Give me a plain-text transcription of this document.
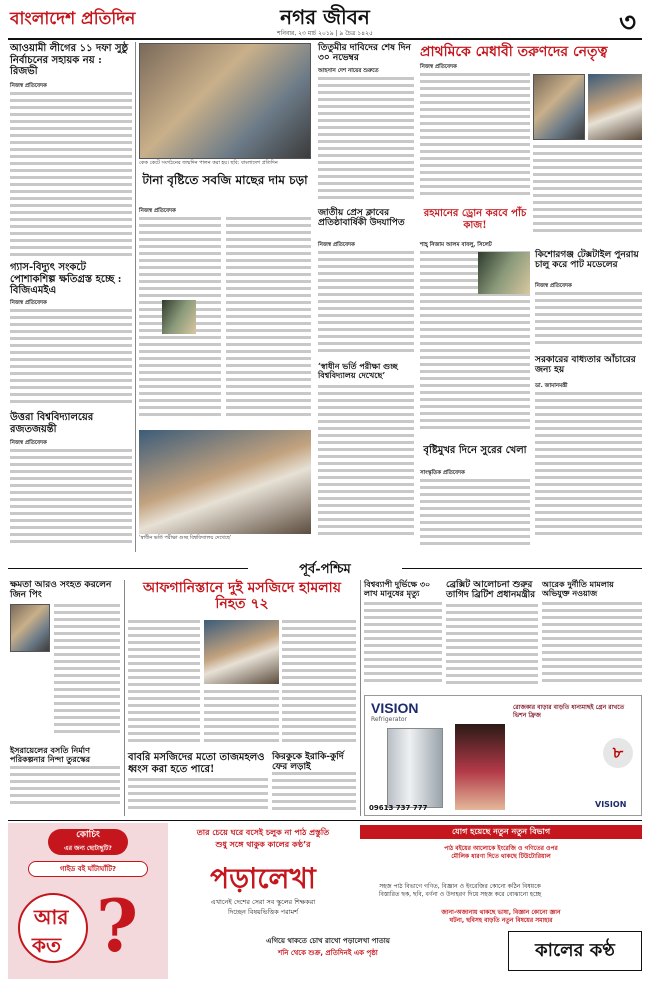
বাংলাদেশ প্রতিদিন	নগর জীবন
শনিবার, ২৩ মার্চ ২০১৯ | ৯ চৈত্র ১৪২৫	৩
আওয়ামী লীগের ১১ দফা সুষ্ঠু নির্বাচনের সহায়ক নয় : রিজভী
নিজস্ব প্রতিবেদক
গ্যাস-বিদ্যুৎ সংকটে পোশাকশিল্প ক্ষতিগ্রস্ত হচ্ছে : বিজিএমইএ
নিজস্ব প্রতিবেদক
উত্তরা বিশ্ববিদ্যালয়ের রজতজয়ন্তী
নিজস্ব প্রতিবেদক
কেক কেটে সংগঠনের জন্মদিন পালন করা হয়। ছবি: বাংলাদেশ প্রতিদিন
টানা বৃষ্টিতে সবজি মাছের দাম চড়া
নিজস্ব প্রতিবেদক
‘স্বাধীন ভর্তি পরীক্ষা গুচ্ছ বিশ্ববিদ্যালয় দেখেছে’
তিতুমীর দাবিদের শেষ দিন ৩০ নভেম্বর
আহসান দেশ নায়ের শুরুতে
জাতীয় প্রেস ক্লাবের প্রতিষ্ঠাবার্ষিকী উদযাপিত
নিজস্ব প্রতিবেদক
‘স্বাধীন ভর্তি পরীক্ষা গুচ্ছ বিশ্ববিদ্যালয় দেখেছে’
প্রাথমিকে মেধাবী তরুণদের নেতৃত্ব
নিজস্ব প্রতিবেদক
রহমানের ড্রোন করবে পাঁচ কাজ!
শাহ্ নিজাম আলম বাবলু, সিলেট
কিশোরগঞ্জ টেক্সটাইল পুনরায় চালু করে পাট মডেলের
নিজস্ব প্রতিবেদক
সরকারের বাধ্যতার আঁচারের জন্য হয়
ডা. জামানমন্ত্রী
বৃষ্টিমুখর দিনে সুরের খেলা
সাংস্কৃতিক প্রতিবেদক
পূর্ব-পশ্চিম
ক্ষমতা আরও সংহত করলেন জিন পিং
ইসরায়েলের বসতি নির্মাণ পরিকল্পনার নিন্দা তুরস্কের
আফগানিস্তানে দুই মসজিদে হামলায় নিহত ৭২
বাবরি মসজিদের মতো তাজমহলও ধ্বংস করা হতে পারে!
কিরকুকে ইরাকি-কুর্দি ফের লড়াই
বিশ্বব্যাপী দুর্ভিক্ষে ৩০ লাখ মানুষের মৃত্যু
ব্রেক্সিট আলোচনা শুরুর তাগিদ ব্রিটিশ প্রধানমন্ত্রীর
আরেক দুর্নীতি মামলায় অভিযুক্ত নওয়াজ
VISION
Refrigerator
রোজকার বাড়ার বাড়তি ধান্যমাছই গ্রেন রাখতে ভিশন ফ্রিজ
৮
09613 737 777	VISION
কোচিং
এর জন্য ছোটাছুটি?
গাইড বই ঘাঁটাঘাঁটি?
আর
কত ?
তার চেয়ে ঘরে বসেই চলুক না পাঠ প্রস্তুতি
শুধু সঙ্গে থাকুক কালের কণ্ঠ’র
পড়ালেখা
এখানেই দেশের সেরা সব স্কুলের শিক্ষকরা
দিচ্ছেন বিষয়ভিত্তিক পরামর্শ
যোগ হয়েছে নতুন নতুন বিভাগ
পাঠ বইয়ের আলোকে ইংরেজি ও গণিতের ওপর
মৌলিক ধারণা দিতে থাকছে টিউটোরিয়াল
সহজ পাঠ বিভাগে গণিত, বিজ্ঞান ও ইংরেজির কোনো কঠিন বিষয়কে
বিস্তারিত ছক, ছবি, বর্ণনা ও উদাহরণ দিয়ে সহজ করে বোঝানো হচ্ছে
জানা-অজানায় থাকছে ভাষা, বিজ্ঞান কোনো জ্ঞান
ঘটনা, ছবিসহ বাড়তি নতুন বিষয়ের সমাহার
এগিয়ে থাকতে চোখ রাখো পড়ালেখা পাতায়
শনি থেকে শুক্র, প্রতিদিনই এক পৃষ্ঠা	কালের কণ্ঠ
